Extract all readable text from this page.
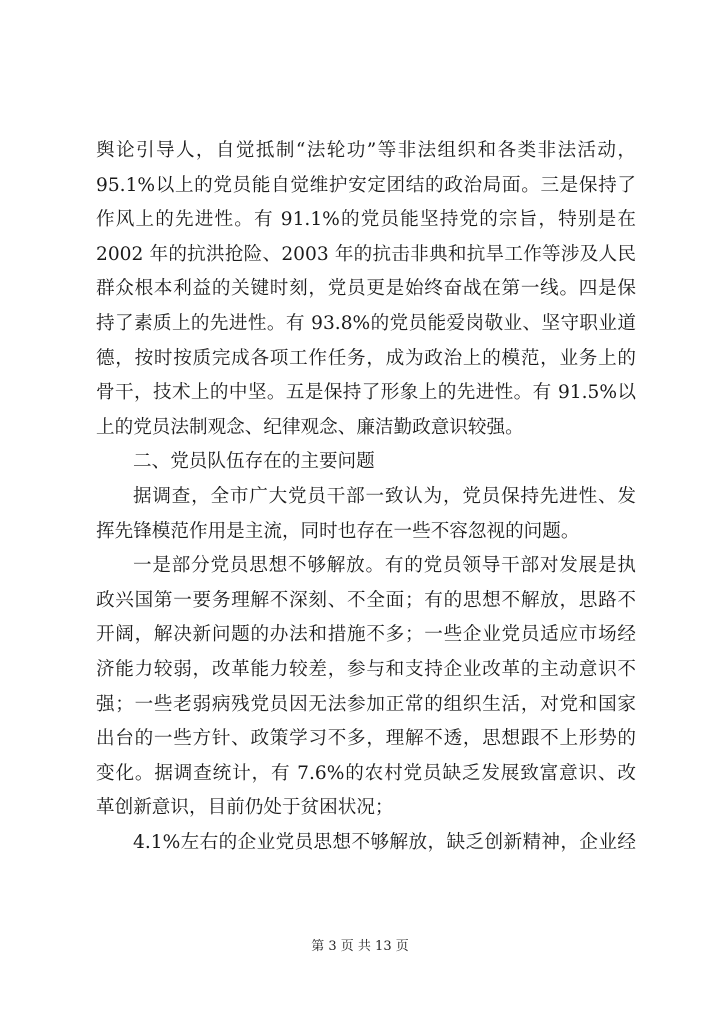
舆论引导人，自觉抵制“法轮功”等非法组织和各类非法活动，
95.1%以上的党员能自觉维护安定团结的政治局面。三是保持了
作风上的先进性。有 91.1%的党员能坚持党的宗旨，特别是在
2002 年的抗洪抢险、2003 年的抗击非典和抗旱工作等涉及人民
群众根本利益的关键时刻，党员更是始终奋战在第一线。四是保
持了素质上的先进性。有 93.8%的党员能爱岗敬业、坚守职业道
德，按时按质完成各项工作任务，成为政治上的模范，业务上的
骨干，技术上的中坚。五是保持了形象上的先进性。有 91.5%以
上的党员法制观念、纪律观念、廉洁勤政意识较强。
二、党员队伍存在的主要问题
据调查，全市广大党员干部一致认为，党员保持先进性、发
挥先锋模范作用是主流，同时也存在一些不容忽视的问题。
一是部分党员思想不够解放。有的党员领导干部对发展是执
政兴国第一要务理解不深刻、不全面；有的思想不解放，思路不
开阔，解决新问题的办法和措施不多；一些企业党员适应市场经
济能力较弱，改革能力较差，参与和支持企业改革的主动意识不
强；一些老弱病残党员因无法参加正常的组织生活，对党和国家
出台的一些方针、政策学习不多，理解不透，思想跟不上形势的
变化。据调查统计，有 7.6%的农村党员缺乏发展致富意识、改
革创新意识，目前仍处于贫困状况；
4.1%左右的企业党员思想不够解放，缺乏创新精神，企业经
第 3 页 共 13 页
